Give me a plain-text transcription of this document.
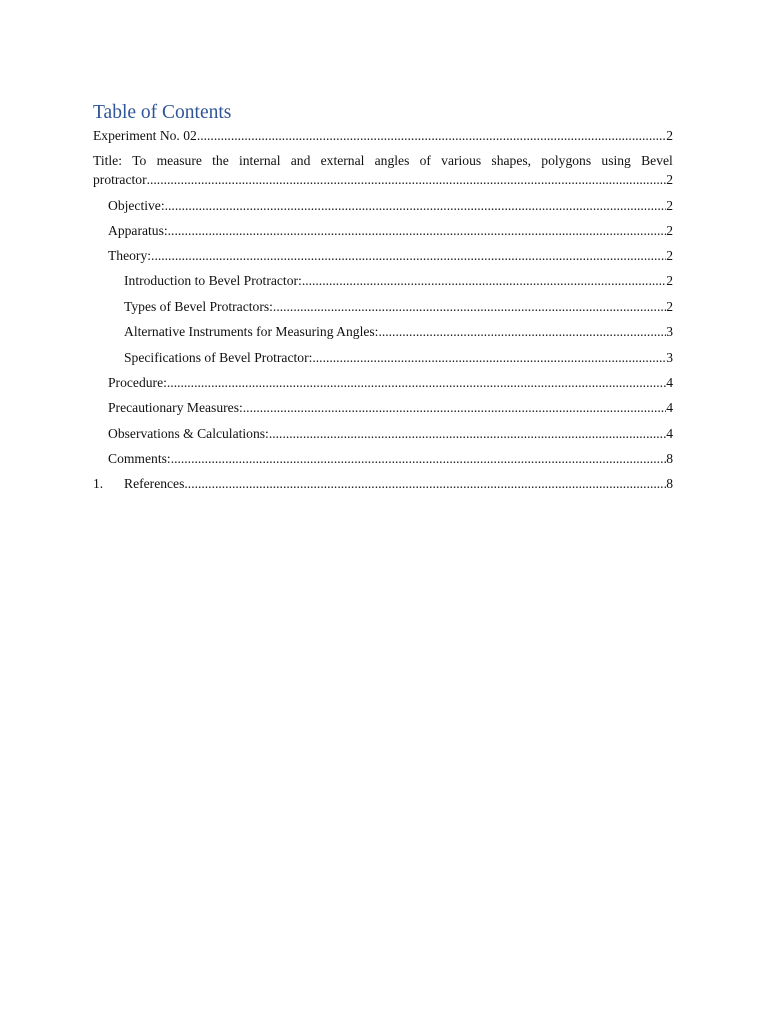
Table of Contents
Experiment No. 02 .....	2
Title: To measure the internal and external angles of various shapes, polygons using Bevel
protractor .....	2
Objective: .....	2
Apparatus: .....	2
Theory: .....	2
Introduction to Bevel Protractor: .....	2
Types of Bevel Protractors: .....	2
Alternative Instruments for Measuring Angles: .....	3
Specifications of Bevel Protractor: .....	3
Procedure: .....	4
Precautionary Measures: .....	4
Observations & Calculations: .....	4
Comments: .....	8
1.	References .....	8
